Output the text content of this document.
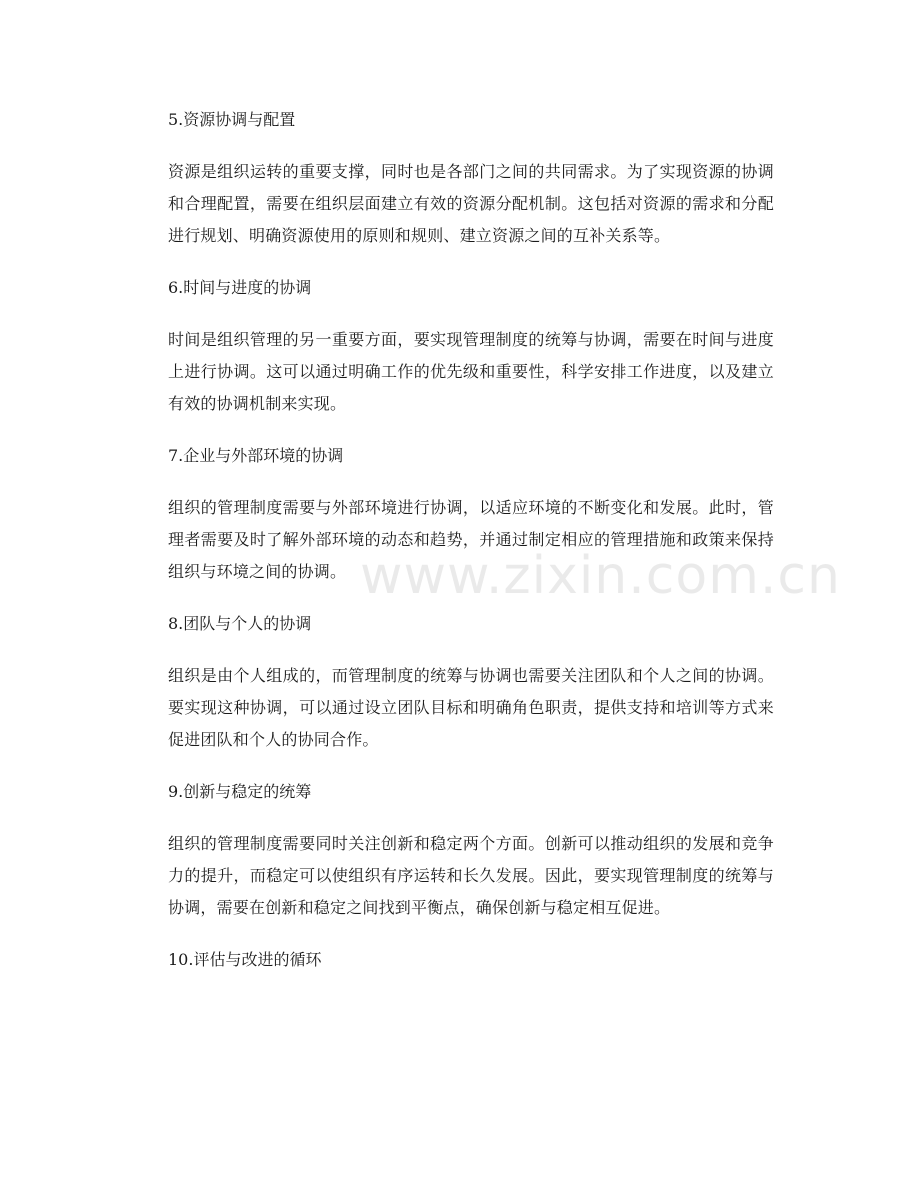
5.资源协调与配置

资源是组织运转的重要支撑，同时也是各部门之间的共同需求。为了实现资源的协调和合理配置，需要在组织层面建立有效的资源分配机制。这包括对资源的需求和分配进行规划、明确资源使用的原则和规则、建立资源之间的互补关系等。

6.时间与进度的协调

时间是组织管理的另一重要方面，要实现管理制度的统筹与协调，需要在时间与进度上进行协调。这可以通过明确工作的优先级和重要性，科学安排工作进度，以及建立有效的协调机制来实现。

7.企业与外部环境的协调

组织的管理制度需要与外部环境进行协调，以适应环境的不断变化和发展。此时，管理者需要及时了解外部环境的动态和趋势，并通过制定相应的管理措施和政策来保持组织与环境之间的协调。

8.团队与个人的协调

组织是由个人组成的，而管理制度的统筹与协调也需要关注团队和个人之间的协调。要实现这种协调，可以通过设立团队目标和明确角色职责，提供支持和培训等方式来促进团队和个人的协同合作。

9.创新与稳定的统筹

组织的管理制度需要同时关注创新和稳定两个方面。创新可以推动组织的发展和竞争力的提升，而稳定可以使组织有序运转和长久发展。因此，要实现管理制度的统筹与协调，需要在创新和稳定之间找到平衡点，确保创新与稳定相互促进。

10.评估与改进的循环

www.zixin.com.cn
